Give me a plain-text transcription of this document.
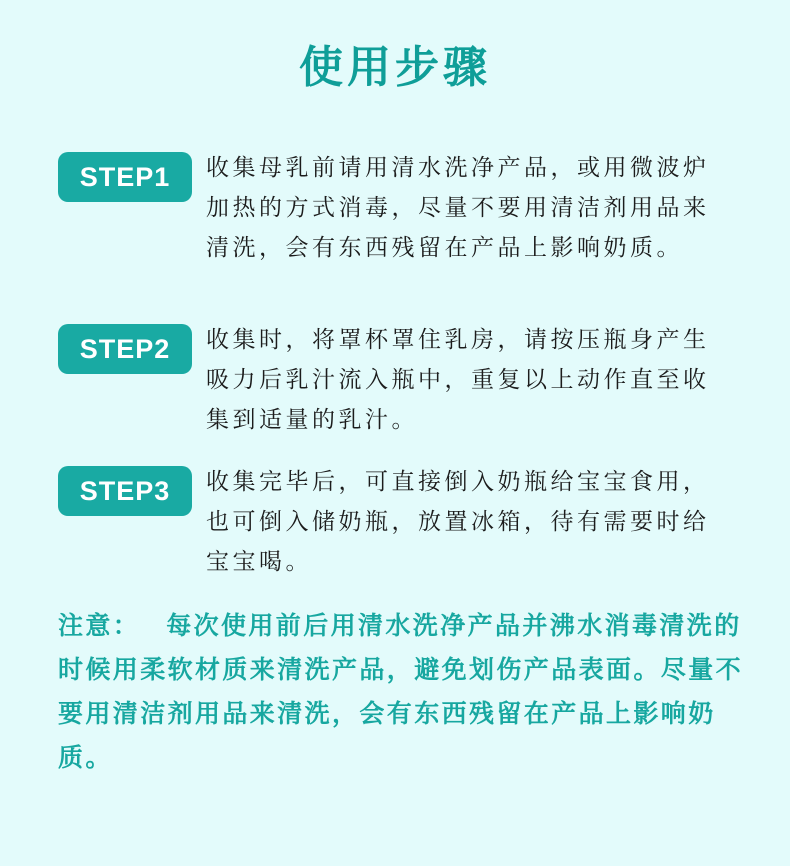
使用步骤
STEP1	收集母乳前请用清水洗净产品，或用微波炉加热的方式消毒，尽量不要用清洁剂用品来清洗，会有东西残留在产品上影响奶质。

STEP2	收集时，将罩杯罩住乳房，请按压瓶身产生吸力后乳汁流入瓶中，重复以上动作直至收集到适量的乳汁。

STEP3	收集完毕后，可直接倒入奶瓶给宝宝食用，也可倒入储奶瓶，放置冰箱，待有需要时给宝宝喝。

注意： 每次使用前后用清水洗净产品并沸水消毒清洗的时候用柔软材质来清洗产品，避免划伤产品表面。尽量不要用清洁剂用品来清洗，会有东西残留在产品上影响奶质。
